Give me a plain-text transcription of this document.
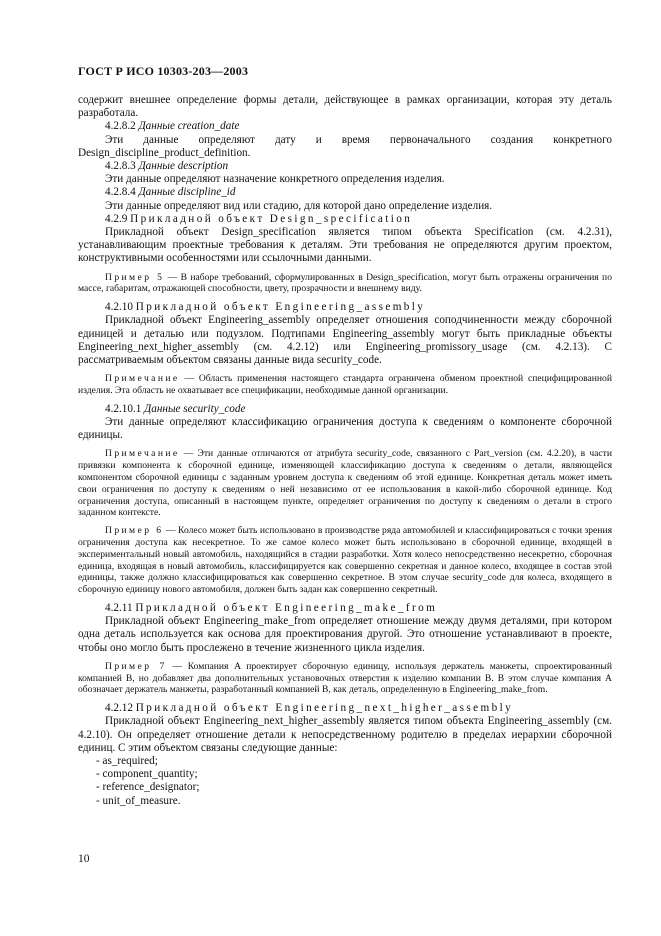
ГОСТ Р ИСО 10303-203—2003

содержит внешнее определение формы детали, действующее в рамках организации, которая эту деталь разработала.

4.2.8.2 Данные creation_date

Эти данные определяют дату и время первоначального создания конкретного Design_discipline_product_definition.

4.2.8.3 Данные description

Эти данные определяют назначение конкретного определения изделия.

4.2.8.4 Данные discipline_id

Эти данные определяют вид или стадию, для которой дано определение изделия.

4.2.9 Прикладной объект Design_specification

Прикладной объект Design_specification является типом объекта Specification (см. 4.2.31), устанавливающим проектные требования к деталям. Эти требования не определяются другим проектом, конструктивными особенностями или ссылочными данными.

Пример 5 — В наборе требований, сформулированных в Design_specification, могут быть отражены ограничения по массе, габаритам, отражающей способности, цвету, прозрачности и внешнему виду.

4.2.10 Прикладной объект Engineering_assembly

Прикладной объект Engineering_assembly определяет отношения соподчиненности между сборочной единицей и деталью или подузлом. Подтипами Engineering_assembly могут быть прикладные объекты Engineering_next_higher_assembly (см. 4.2.12) или Engineering_promissory_usage (см. 4.2.13). С рассматриваемым объектом связаны данные вида security_code.

Примечание — Область применения настоящего стандарта ограничена обменом проектной специфицированной изделия. Эта область не охватывает все спецификации, необходимые данной организации.

4.2.10.1 Данные security_code

Эти данные определяют классификацию ограничения доступа к сведениям о компоненте сборочной единицы.

Примечание — Эти данные отличаются от атрибута security_code, связанного с Part_version (см. 4.2.20), в части привязки компонента к сборочной единице, изменяющей классификацию доступа к сведениям о детали, являющейся компонентом сборочной единицы с заданным уровнем доступа к сведениям об этой единице. Конкретная деталь может иметь свои ограничения по доступу к сведениям о ней независимо от ее использования в какой-либо сборочной единице. Код ограничения доступа, описанный в настоящем пункте, определяет ограничения по доступу к сведениям о детали в строго заданном контексте.

Пример 6 — Колесо может быть использовано в производстве ряда автомобилей и классифицироваться с точки зрения ограничения доступа как несекретное. То же самое колесо может быть использовано в сборочной единице, входящей в экспериментальный новый автомобиль, находящийся в стадии разработки. Хотя колесо непосредственно несекретно, сборочная единица, входящая в новый автомобиль, классифицируется как совершенно секретная и данное колесо, входящее в состав этой единицы, также должно классифицироваться как совершенно секретное. В этом случае security_code для колеса, входящего в сборочную единицу нового автомобиля, должен быть задан как совершенно секретный.

4.2.11 Прикладной объект Engineering_make_from

Прикладной объект Engineering_make_from определяет отношение между двумя деталями, при котором одна деталь используется как основа для проектирования другой. Это отношение устанавливают в проекте, чтобы оно могло быть прослежено в течение жизненного цикла изделия.

Пример 7 — Компания A проектирует сборочную единицу, используя держатель манжеты, спроектированный компанией B, но добавляет два дополнительных установочных отверстия к изделию компании B. В этом случае компания A обозначает держатель манжеты, разработанный компанией B, как деталь, определенную в Engineering_make_from.

4.2.12 Прикладной объект Engineering_next_higher_assembly

Прикладной объект Engineering_next_higher_assembly является типом объекта Engineering_assembly (см. 4.2.10). Он определяет отношение детали к непосредственному родителю в пределах иерархии сборочной единиц. С этим объектом связаны следующие данные:

- as_required;
- component_quantity;
- reference_designator;
- unit_of_measure.
10
